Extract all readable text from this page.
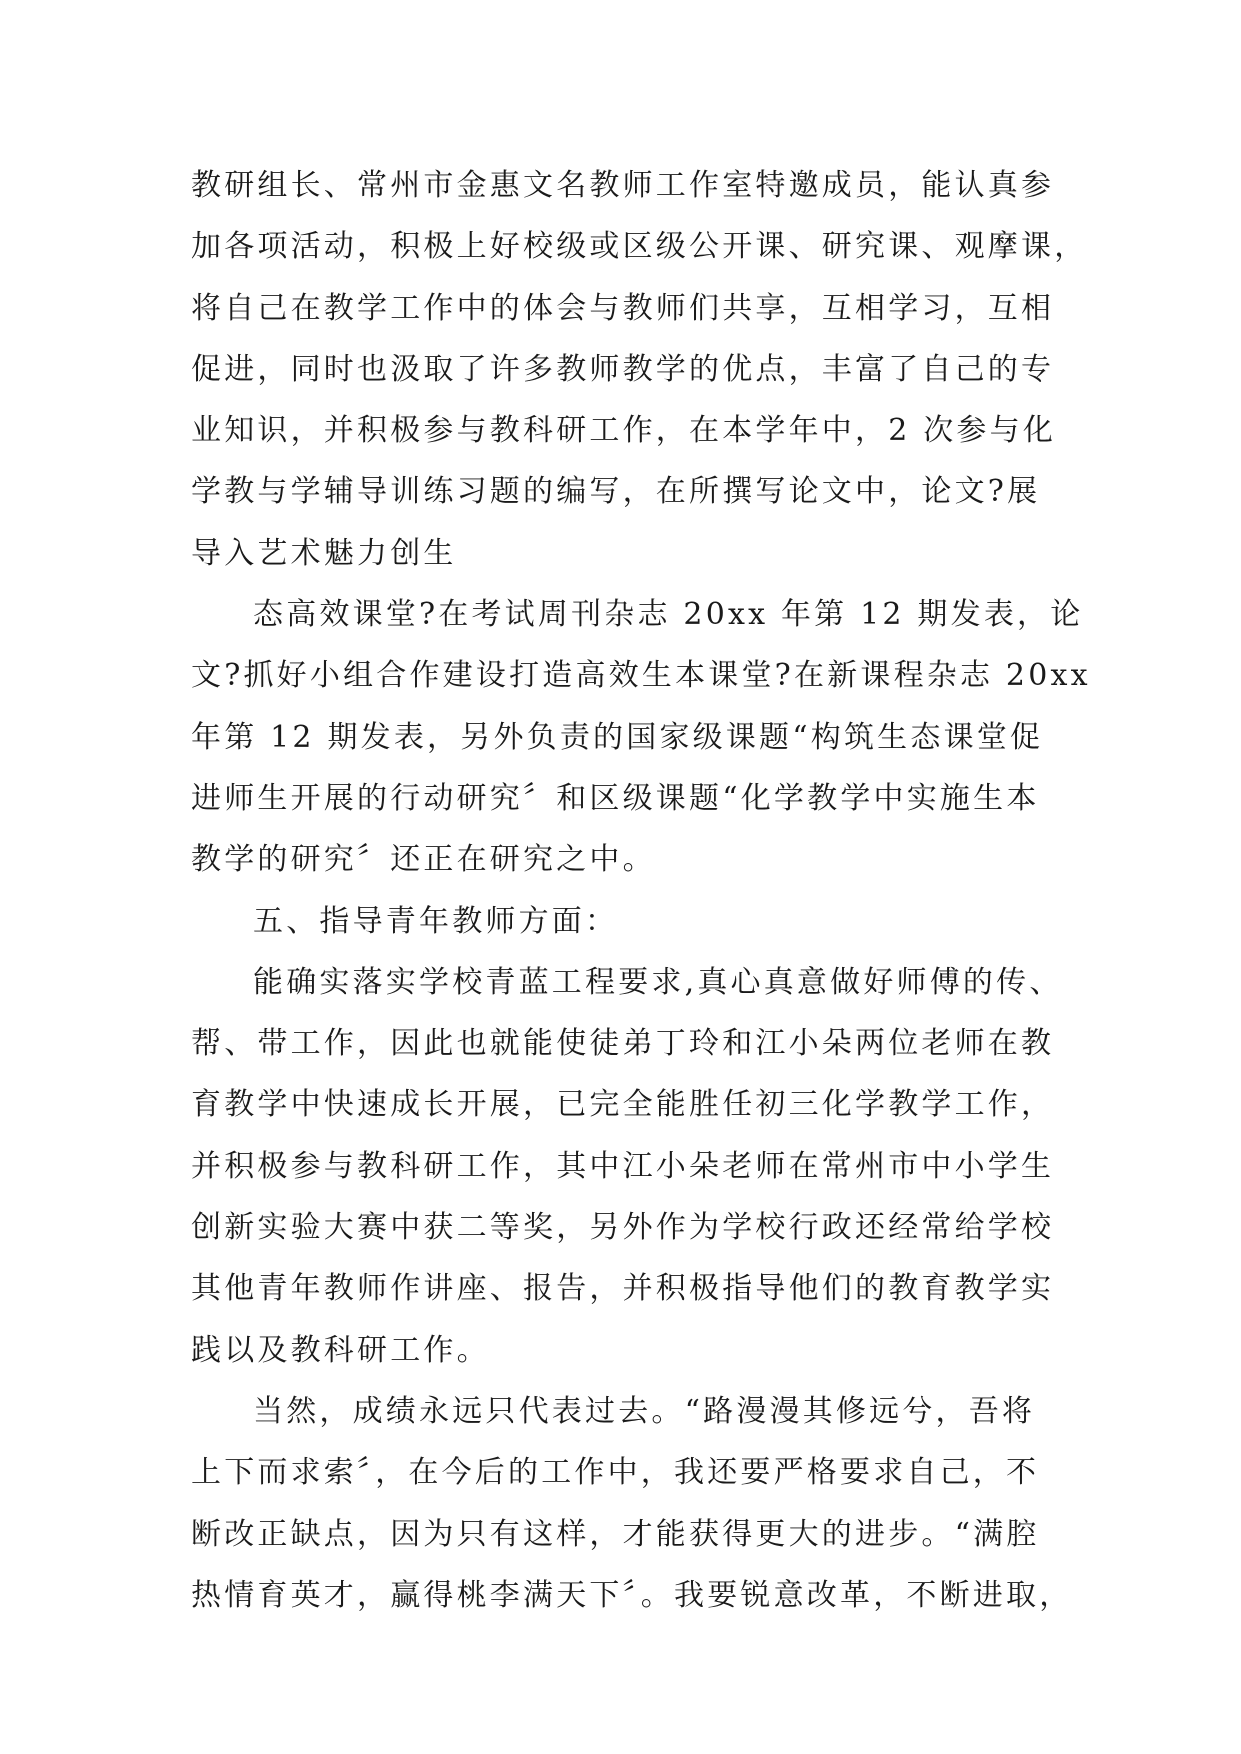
教研组长、常州市金惠文名教师工作室特邀成员，能认真参
加各项活动，积极上好校级或区级公开课、研究课、观摩课，
将自己在教学工作中的体会与教师们共享，互相学习，互相
促进，同时也汲取了许多教师教学的优点，丰富了自己的专
业知识，并积极参与教科研工作，在本学年中，2 次参与化
学教与学辅导训练习题的编写，在所撰写论文中，论文?展
导入艺术魅力创生
态高效课堂?在考试周刊杂志 20xx 年第 12 期发表，论
文?抓好小组合作建设打造高效生本课堂?在新课程杂志 20xx
年第 12 期发表，另外负责的国家级课题“构筑生态课堂促
进师生开展的行动研究〞和区级课题“化学教学中实施生本
教学的研究〞还正在研究之中。
五、指导青年教师方面：
能确实落实学校青蓝工程要求,真心真意做好师傅的传、
帮、带工作，因此也就能使徒弟丁玲和江小朵两位老师在教
育教学中快速成长开展，已完全能胜任初三化学教学工作，
并积极参与教科研工作，其中江小朵老师在常州市中小学生
创新实验大赛中获二等奖，另外作为学校行政还经常给学校
其他青年教师作讲座、报告，并积极指导他们的教育教学实
践以及教科研工作。
当然，成绩永远只代表过去。“路漫漫其修远兮，吾将
上下而求索〞，在今后的工作中，我还要严格要求自己，不
断改正缺点，因为只有这样，才能获得更大的进步。“满腔
热情育英才，赢得桃李满天下〞。我要锐意改革，不断进取，
